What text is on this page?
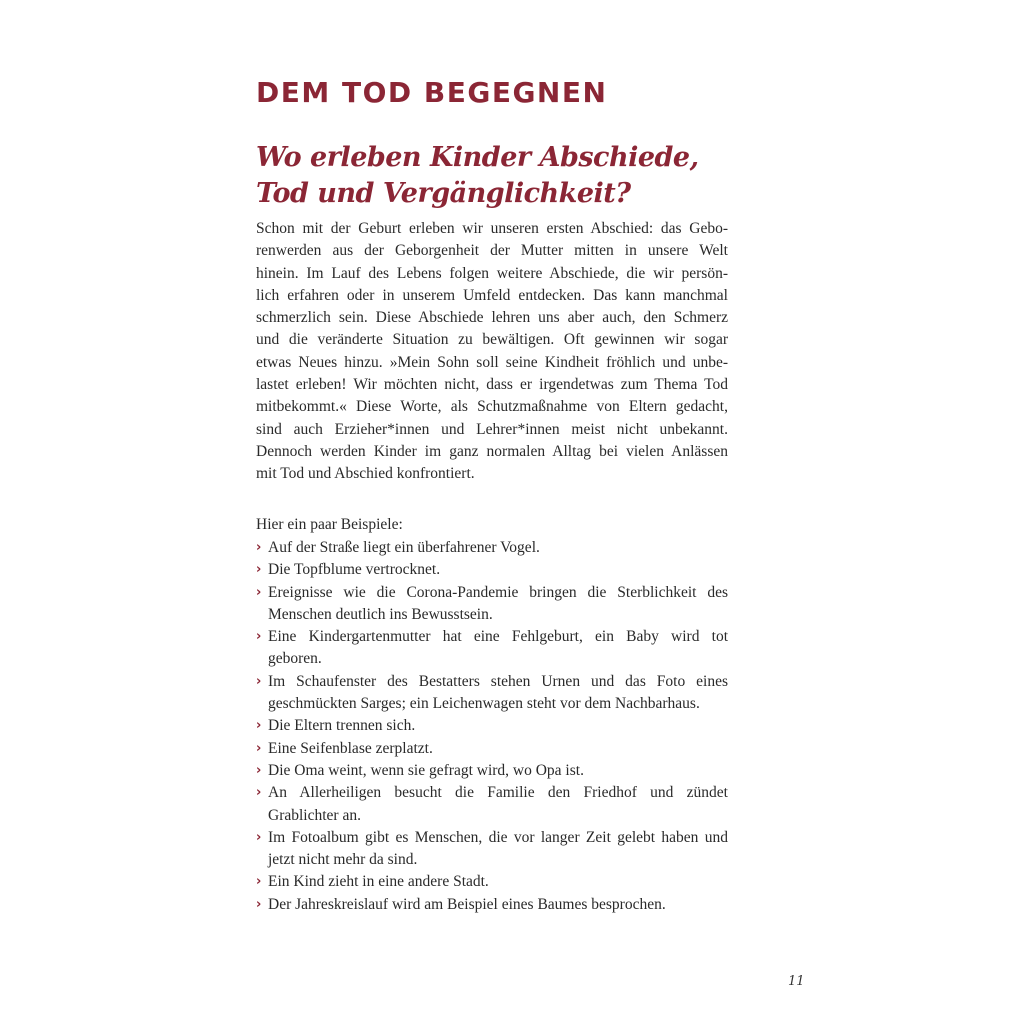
DEM TOD BEGEGNEN
Wo erleben Kinder Abschiede, Tod und Vergänglichkeit?

Schon mit der Geburt erleben wir unseren ersten Abschied: das Gebo-
renwerden aus der Geborgenheit der Mutter mitten in unsere Welt
hinein. Im Lauf des Lebens folgen weitere Abschiede, die wir persön-
lich erfahren oder in unserem Umfeld entdecken. Das kann manchmal
schmerzlich sein. Diese Abschiede lehren uns aber auch, den Schmerz
und die veränderte Situation zu bewältigen. Oft gewinnen wir sogar
etwas Neues hinzu. »Mein Sohn soll seine Kindheit fröhlich und unbe-
lastet erleben! Wir möchten nicht, dass er irgendetwas zum Thema Tod
mitbekommt.« Diese Worte, als Schutzmaßnahme von Eltern gedacht,
sind auch Erzieher*innen und Lehrer*innen meist nicht unbekannt.
Dennoch werden Kinder im ganz normalen Alltag bei vielen Anlässen
mit Tod und Abschied konfrontiert.

Hier ein paar Beispiele:

› Auf der Straße liegt ein überfahrener Vogel.
› Die Topfblume vertrocknet.
› Ereignisse wie die Corona-Pandemie bringen die Sterblichkeit des
Menschen deutlich ins Bewusstsein.
› Eine Kindergartenmutter hat eine Fehlgeburt, ein Baby wird tot
geboren.
› Im Schaufenster des Bestatters stehen Urnen und das Foto eines
geschmückten Sarges; ein Leichenwagen steht vor dem Nachbarhaus.
› Die Eltern trennen sich.
› Eine Seifenblase zerplatzt.
› Die Oma weint, wenn sie gefragt wird, wo Opa ist.
› An Allerheiligen besucht die Familie den Friedhof und zündet
Grablichter an.
› Im Fotoalbum gibt es Menschen, die vor langer Zeit gelebt haben und
jetzt nicht mehr da sind.
› Ein Kind zieht in eine andere Stadt.
› Der Jahreskreislauf wird am Beispiel eines Baumes besprochen.
11
